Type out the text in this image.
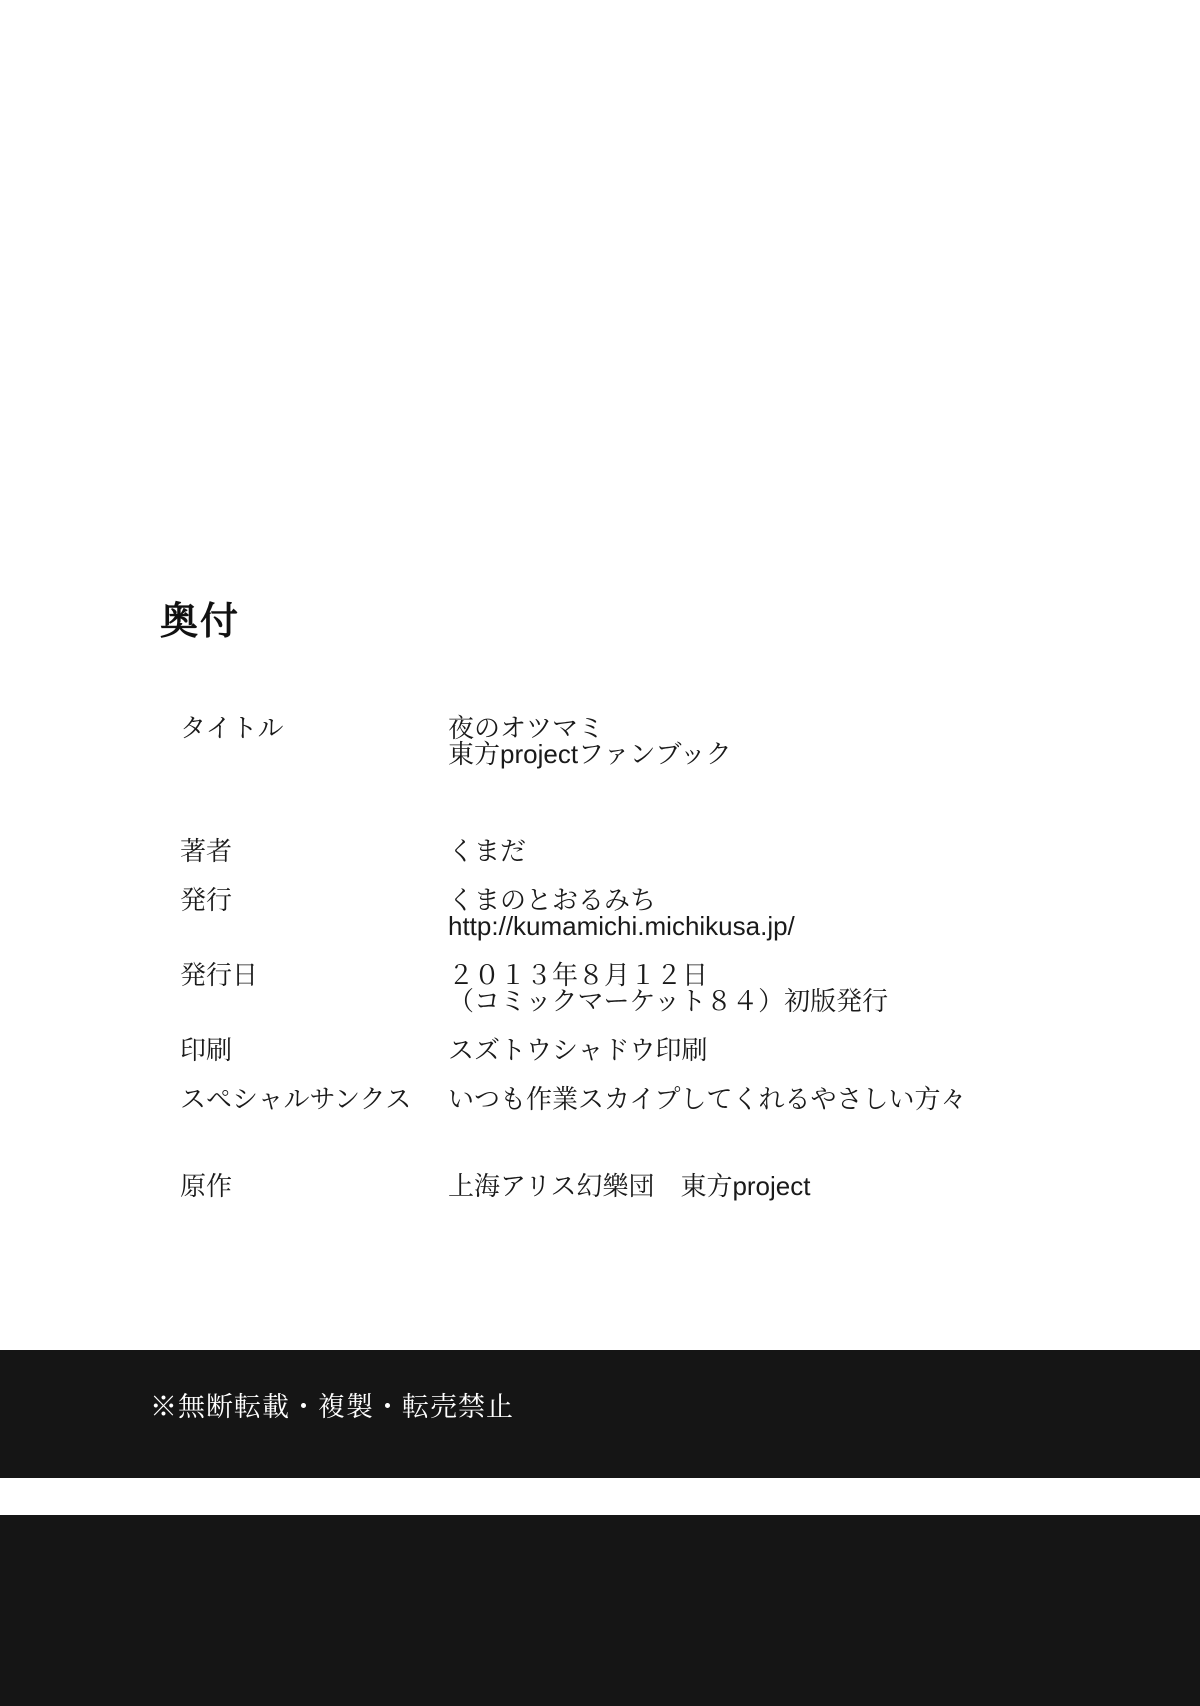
奥付
タイトル	夜のオツマミ
	東方projectファンブック

著者	くまだ
発行	くまのとおるみち
	http://kumamichi.michikusa.jp/
発行日	２０１３年８月１２日
	（コミックマーケット８４）初版発行
印刷	スズトウシャドウ印刷
スペシャルサンクス	いつも作業スカイプしてくれるやさしい方々

原作	上海アリス幻樂団　東方project
※無断転載・複製・転売禁止
